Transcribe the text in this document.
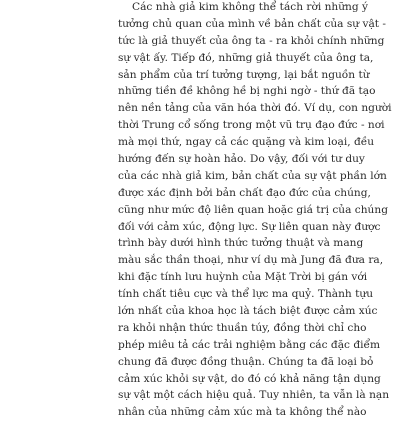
Các nhà giả kim không thể tách rời những ý
tưởng chủ quan của mình về bản chất của sự vật -
tức là giả thuyết của ông ta - ra khỏi chính những
sự vật ấy. Tiếp đó, những giả thuyết của ông ta,
sản phẩm của trí tưởng tượng, lại bắt nguồn từ
những tiền đề không hề bị nghi ngờ - thứ đã tạo
nên nền tảng của văn hóa thời đó. Ví dụ, con người
thời Trung cổ sống trong một vũ trụ đạo đức - nơi
mà mọi thứ, ngay cả các quặng và kim loại, đều
hướng đến sự hoàn hảo. Do vậy, đối với tư duy
của các nhà giả kim, bản chất của sự vật phần lớn
được xác định bởi bản chất đạo đức của chúng,
cũng như mức độ liên quan hoặc giá trị của chúng
đối với cảm xúc, động lực. Sự liên quan này được
trình bày dưới hình thức tưởng thuật và mang
màu sắc thần thoại, như ví dụ mà Jung đã đưa ra,
khi đặc tính lưu huỳnh của Mặt Trời bị gán với
tính chất tiêu cực và thể lực ma quỷ. Thành tựu
lớn nhất của khoa học là tách biệt được cảm xúc
ra khỏi nhận thức thuần túy, đồng thời chỉ cho
phép miêu tả các trải nghiệm bằng các đặc điểm
chung đã được đồng thuận. Chúng ta đã loại bỏ
cảm xúc khỏi sự vật, do đó có khả năng tận dụng
sự vật một cách hiệu quả. Tuy nhiên, ta vẫn là nạn
nhân của những cảm xúc mà ta không thể nào
